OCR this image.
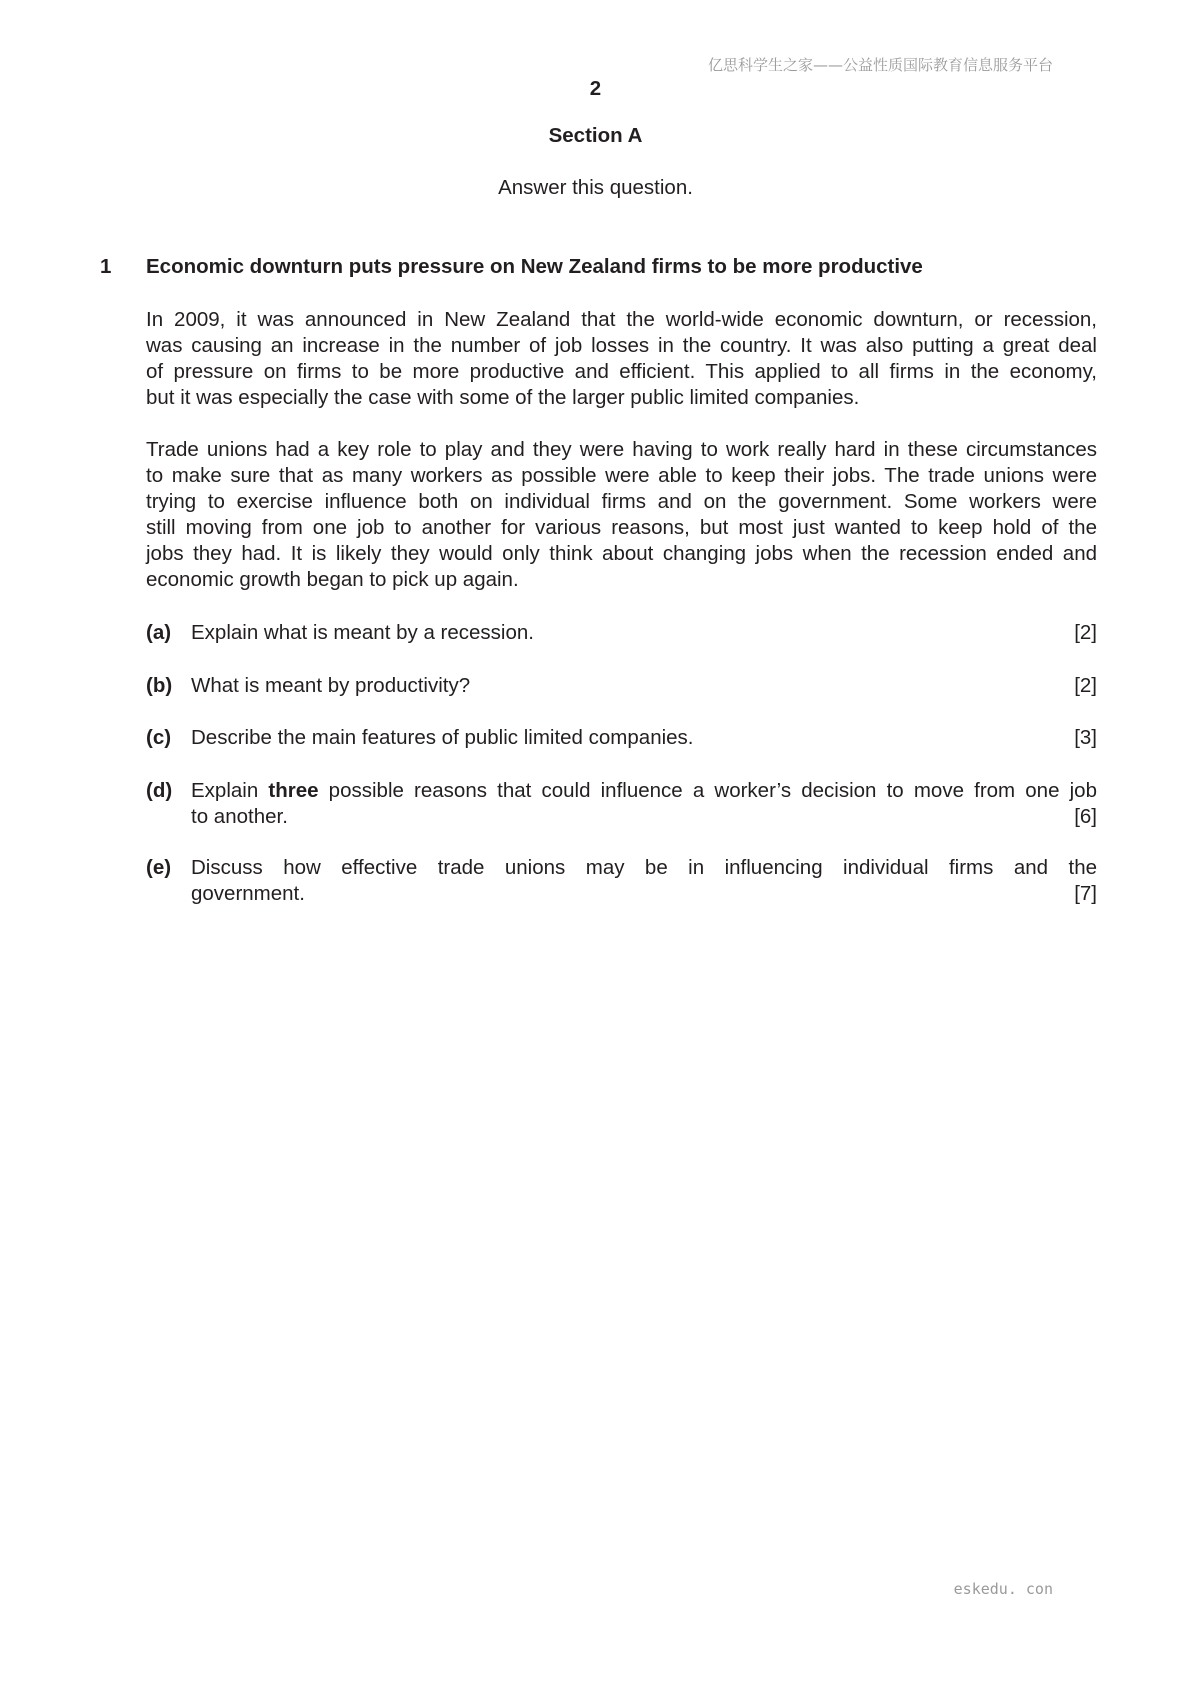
亿思科学生之家——公益性质国际教育信息服务平台
2
Section A
Answer this question.
1 Economic downturn puts pressure on New Zealand firms to be more productive
In 2009, it was announced in New Zealand that the world-wide economic downturn, or recession,
was causing an increase in the number of job losses in the country. It was also putting a great deal
of pressure on firms to be more productive and efficient. This applied to all firms in the economy,
but it was especially the case with some of the larger public limited companies.
Trade unions had a key role to play and they were having to work really hard in these circumstances
to make sure that as many workers as possible were able to keep their jobs. The trade unions were
trying to exercise influence both on individual firms and on the government. Some workers were
still moving from one job to another for various reasons, but most just wanted to keep hold of the
jobs they had. It is likely they would only think about changing jobs when the recession ended and
economic growth began to pick up again.
(a) Explain what is meant by a recession.	[2]
(b) What is meant by productivity?	[2]
(c) Describe the main features of public limited companies.	[3]
(d) Explain three possible reasons that could influence a worker’s decision to move from one job
to another.	[6]
(e) Discuss how effective trade unions may be in influencing individual firms and the
government.	[7]
eskedu. con
